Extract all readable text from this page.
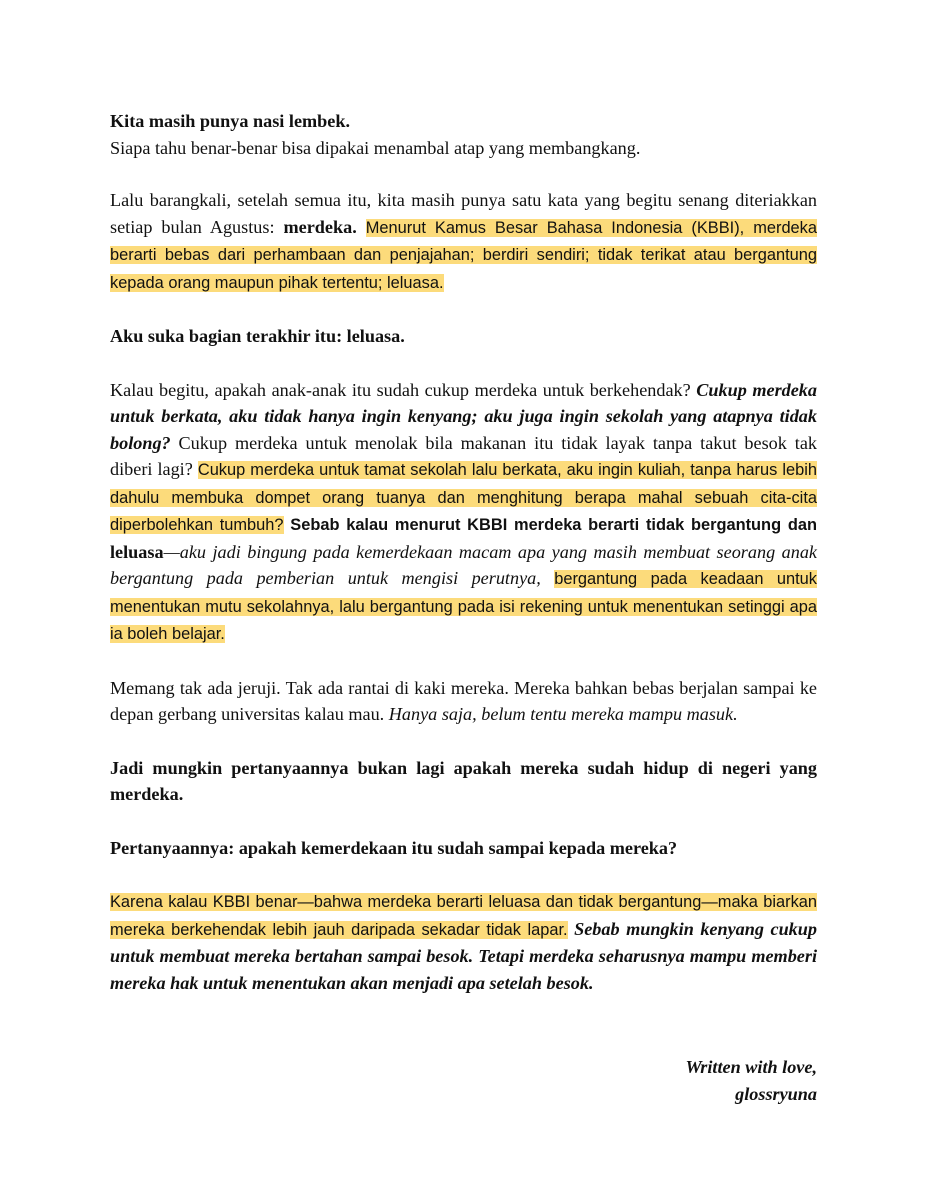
Kita masih punya nasi lembek.
Siapa tahu benar-benar bisa dipakai menambal atap yang membangkang.

Lalu barangkali, setelah semua itu, kita masih punya satu kata yang begitu senang diteriakkan setiap bulan Agustus: merdeka. Menurut Kamus Besar Bahasa Indonesia (KBBI), merdeka berarti bebas dari perhambaan dan penjajahan; berdiri sendiri; tidak terikat atau bergantung kepada orang maupun pihak tertentu; leluasa.

Aku suka bagian terakhir itu: leluasa.

Kalau begitu, apakah anak-anak itu sudah cukup merdeka untuk berkehendak? Cukup merdeka untuk berkata, aku tidak hanya ingin kenyang; aku juga ingin sekolah yang atapnya tidak bolong? Cukup merdeka untuk menolak bila makanan itu tidak layak tanpa takut besok tak diberi lagi? Cukup merdeka untuk tamat sekolah lalu berkata, aku ingin kuliah, tanpa harus lebih dahulu membuka dompet orang tuanya dan menghitung berapa mahal sebuah cita-cita diperbolehkan tumbuh? Sebab kalau menurut KBBI merdeka berarti tidak bergantung dan leluasa—aku jadi bingung pada kemerdekaan macam apa yang masih membuat seorang anak bergantung pada pemberian untuk mengisi perutnya, bergantung pada keadaan untuk menentukan mutu sekolahnya, lalu bergantung pada isi rekening untuk menentukan setinggi apa ia boleh belajar.

Memang tak ada jeruji. Tak ada rantai di kaki mereka. Mereka bahkan bebas berjalan sampai ke depan gerbang universitas kalau mau. Hanya saja, belum tentu mereka mampu masuk.

Jadi mungkin pertanyaannya bukan lagi apakah mereka sudah hidup di negeri yang merdeka.

Pertanyaannya: apakah kemerdekaan itu sudah sampai kepada mereka?

Karena kalau KBBI benar—bahwa merdeka berarti leluasa dan tidak bergantung—maka biarkan mereka berkehendak lebih jauh daripada sekadar tidak lapar. Sebab mungkin kenyang cukup untuk membuat mereka bertahan sampai besok. Tetapi merdeka seharusnya mampu memberi mereka hak untuk menentukan akan menjadi apa setelah besok.

Written with love,
glossryuna
